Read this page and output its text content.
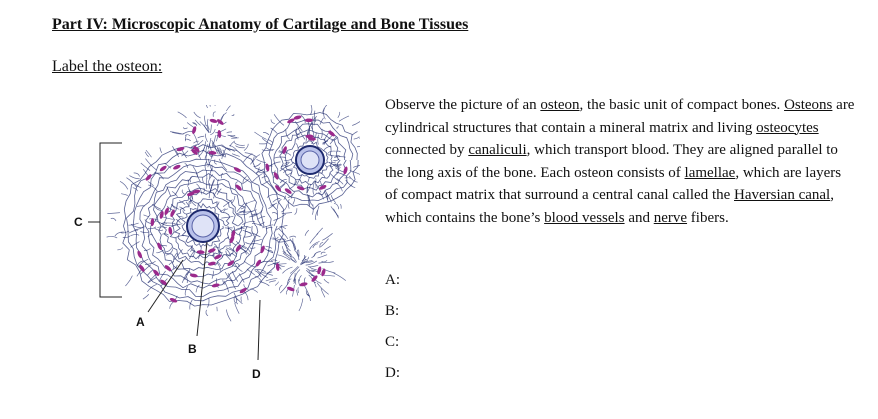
Part IV: Microscopic Anatomy of Cartilage and Bone Tissues
Label the osteon:
C
A
B
D
Observe the picture of an osteon, the basic unit of compact bones. Osteons are cylindrical structures that contain a mineral matrix and living osteocytes connected by canaliculi, which transport blood. They are aligned parallel to the long axis of the bone. Each osteon consists of lamellae, which are layers of compact matrix that surround a central canal called the Haversian canal, which contains the bone’s blood vessels and nerve fibers.
A:
B:
C:
D:
